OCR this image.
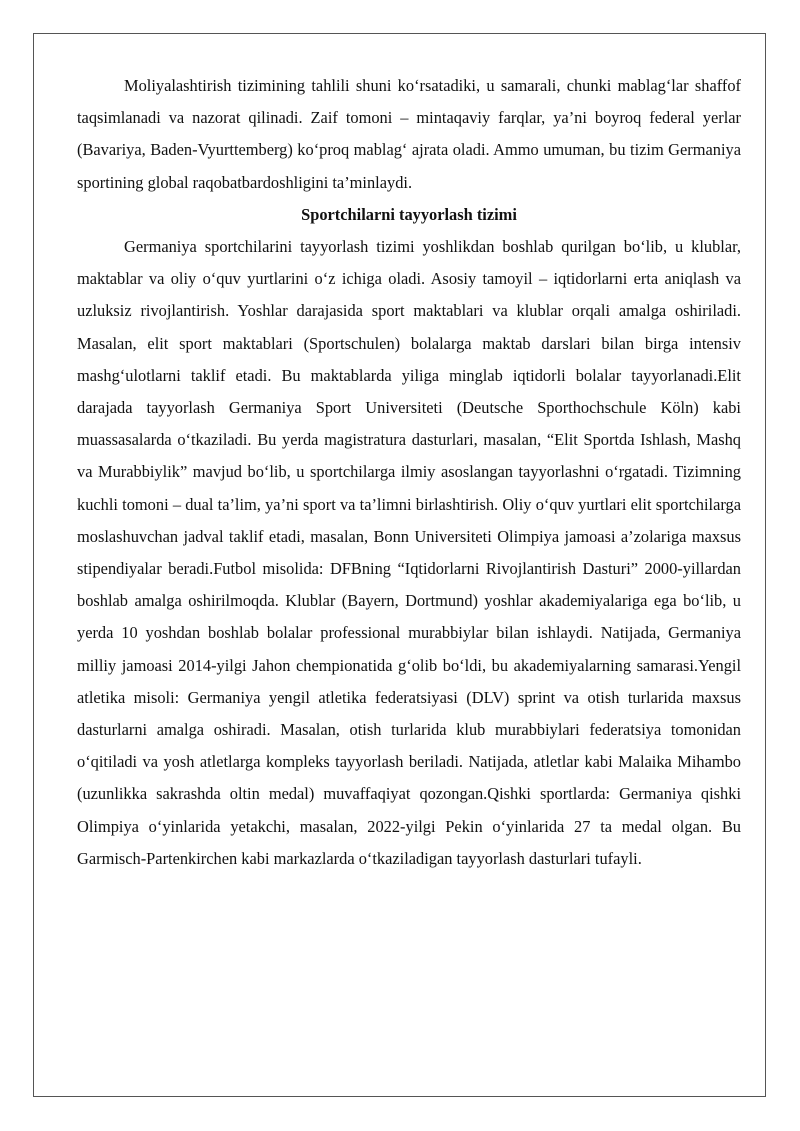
Moliyalashtirish tizimining tahlili shuni ko‘rsatadiki, u samarali, chunki mablag‘lar shaffof taqsimlanadi va nazorat qilinadi. Zaif tomoni – mintaqaviy farqlar, ya’ni boyroq federal yerlar (Bavariya, Baden-Vyurttemberg) ko‘proq mablag‘ ajrata oladi. Ammo umuman, bu tizim Germaniya sportining global raqobatbardoshligini ta’minlaydi.

Sportchilarni tayyorlash tizimi

Germaniya sportchilarini tayyorlash tizimi yoshlikdan boshlab qurilgan bo‘lib, u klublar, maktablar va oliy o‘quv yurtlarini o‘z ichiga oladi. Asosiy tamoyil – iqtidorlarni erta aniqlash va uzluksiz rivojlantirish. Yoshlar darajasida sport maktablari va klublar orqali amalga oshiriladi. Masalan, elit sport maktablari (Sportschulen) bolalarga maktab darslari bilan birga intensiv mashg‘ulotlarni taklif etadi. Bu maktablarda yiliga minglab iqtidorli bolalar tayyorlanadi.Elit darajada tayyorlash Germaniya Sport Universiteti (Deutsche Sporthochschule Köln) kabi muassasalarda o‘tkaziladi. Bu yerda magistratura dasturlari, masalan, “Elit Sportda Ishlash, Mashq va Murabbiylik” mavjud bo‘lib, u sportchilarga ilmiy asoslangan tayyorlashni o‘rgatadi. Tizimning kuchli tomoni – dual ta’lim, ya’ni sport va ta’limni birlashtirish. Oliy o‘quv yurtlari elit sportchilarga moslashuvchan jadval taklif etadi, masalan, Bonn Universiteti Olimpiya jamoasi a’zolariga maxsus stipendiyalar beradi.Futbol misolida: DFBning “Iqtidorlarni Rivojlantirish Dasturi” 2000-yillardan boshlab amalga oshirilmoqda. Klublar (Bayern, Dortmund) yoshlar akademiyalariga ega bo‘lib, u yerda 10 yoshdan boshlab bolalar professional murabbiylar bilan ishlaydi. Natijada, Germaniya milliy jamoasi 2014-yilgi Jahon chempionatida g‘olib bo‘ldi, bu akademiyalarning samarasi.Yengil atletika misoli: Germaniya yengil atletika federatsiyasi (DLV) sprint va otish turlarida maxsus dasturlarni amalga oshiradi. Masalan, otish turlarida klub murabbiylari federatsiya tomonidan o‘qitiladi va yosh atletlarga kompleks tayyorlash beriladi. Natijada, atletlar kabi Malaika Mihambo (uzunlikka sakrashda oltin medal) muvaffaqiyat qozongan.Qishki sportlarda: Germaniya qishki Olimpiya o‘yinlarida yetakchi, masalan, 2022-yilgi Pekin o‘yinlarida 27 ta medal olgan. Bu Garmisch-Partenkirchen kabi markazlarda o‘tkaziladigan tayyorlash dasturlari tufayli.
